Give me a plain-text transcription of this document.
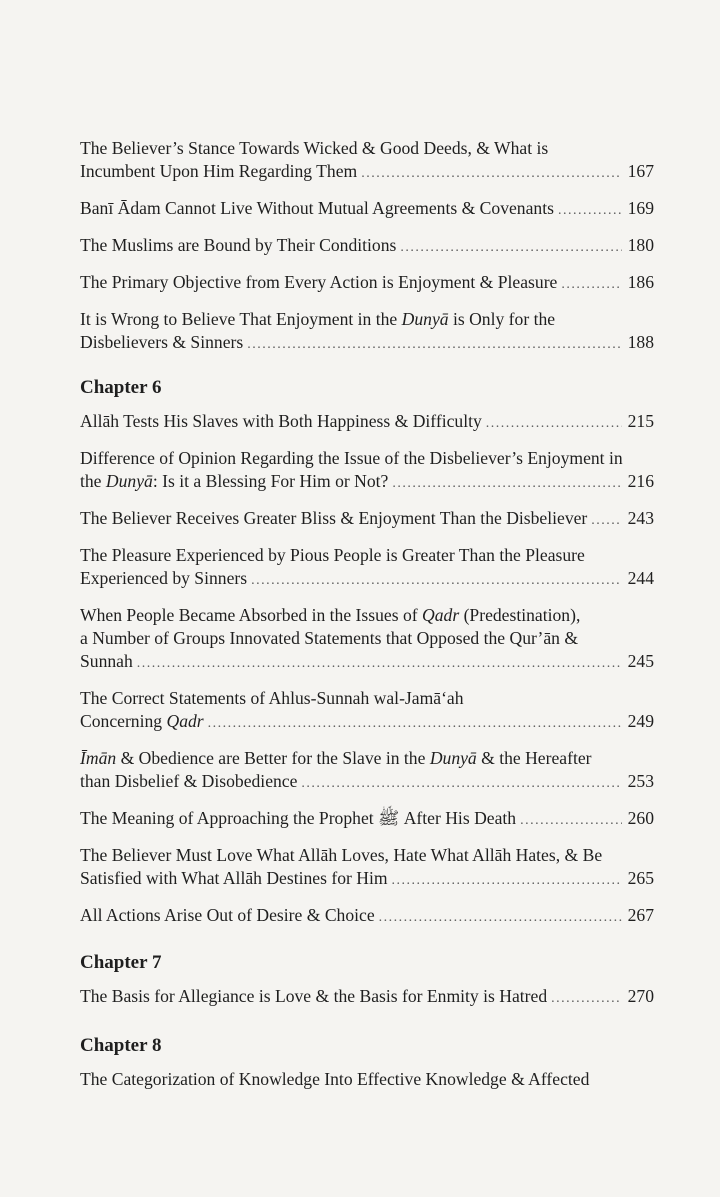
The Believer’s Stance Towards Wicked & Good Deeds, & What is
Incumbent Upon Him Regarding Them . . .	167
Banī Ādam Cannot Live Without Mutual Agreements & Covenants . . .	169
The Muslims are Bound by Their Conditions . . .	180
The Primary Objective from Every Action is Enjoyment & Pleasure . . .	186
It is Wrong to Believe That Enjoyment in the Dunyā is Only for the
Disbelievers & Sinners . . .	188
Chapter 6
Allāh Tests His Slaves with Both Happiness & Difficulty . . .	215
Difference of Opinion Regarding the Issue of the Disbeliever’s Enjoyment in
the Dunyā: Is it a Blessing For Him or Not? . . .	216
The Believer Receives Greater Bliss & Enjoyment Than the Disbeliever . . . 243
The Pleasure Experienced by Pious People is Greater Than the Pleasure
Experienced by Sinners . . .	244
When People Became Absorbed in the Issues of Qadr (Predestination),
a Number of Groups Innovated Statements that Opposed the Qur’ān &
Sunnah . . .	245
The Correct Statements of Ahlus-Sunnah wal-Jamā‘ah
Concerning Qadr . . .	249
Īmān & Obedience are Better for the Slave in the Dunyā & the Hereafter
than Disbelief & Disobedience . . .	253
The Meaning of Approaching the Prophet ﷺ After His Death . . .	260
The Believer Must Love What Allāh Loves, Hate What Allāh Hates, & Be
Satisfied with What Allāh Destines for Him . . .	265
All Actions Arise Out of Desire & Choice . . .	267
Chapter 7
The Basis for Allegiance is Love & the Basis for Enmity is Hatred . . .	270
Chapter 8
The Categorization of Knowledge Into Effective Knowledge & Affected
